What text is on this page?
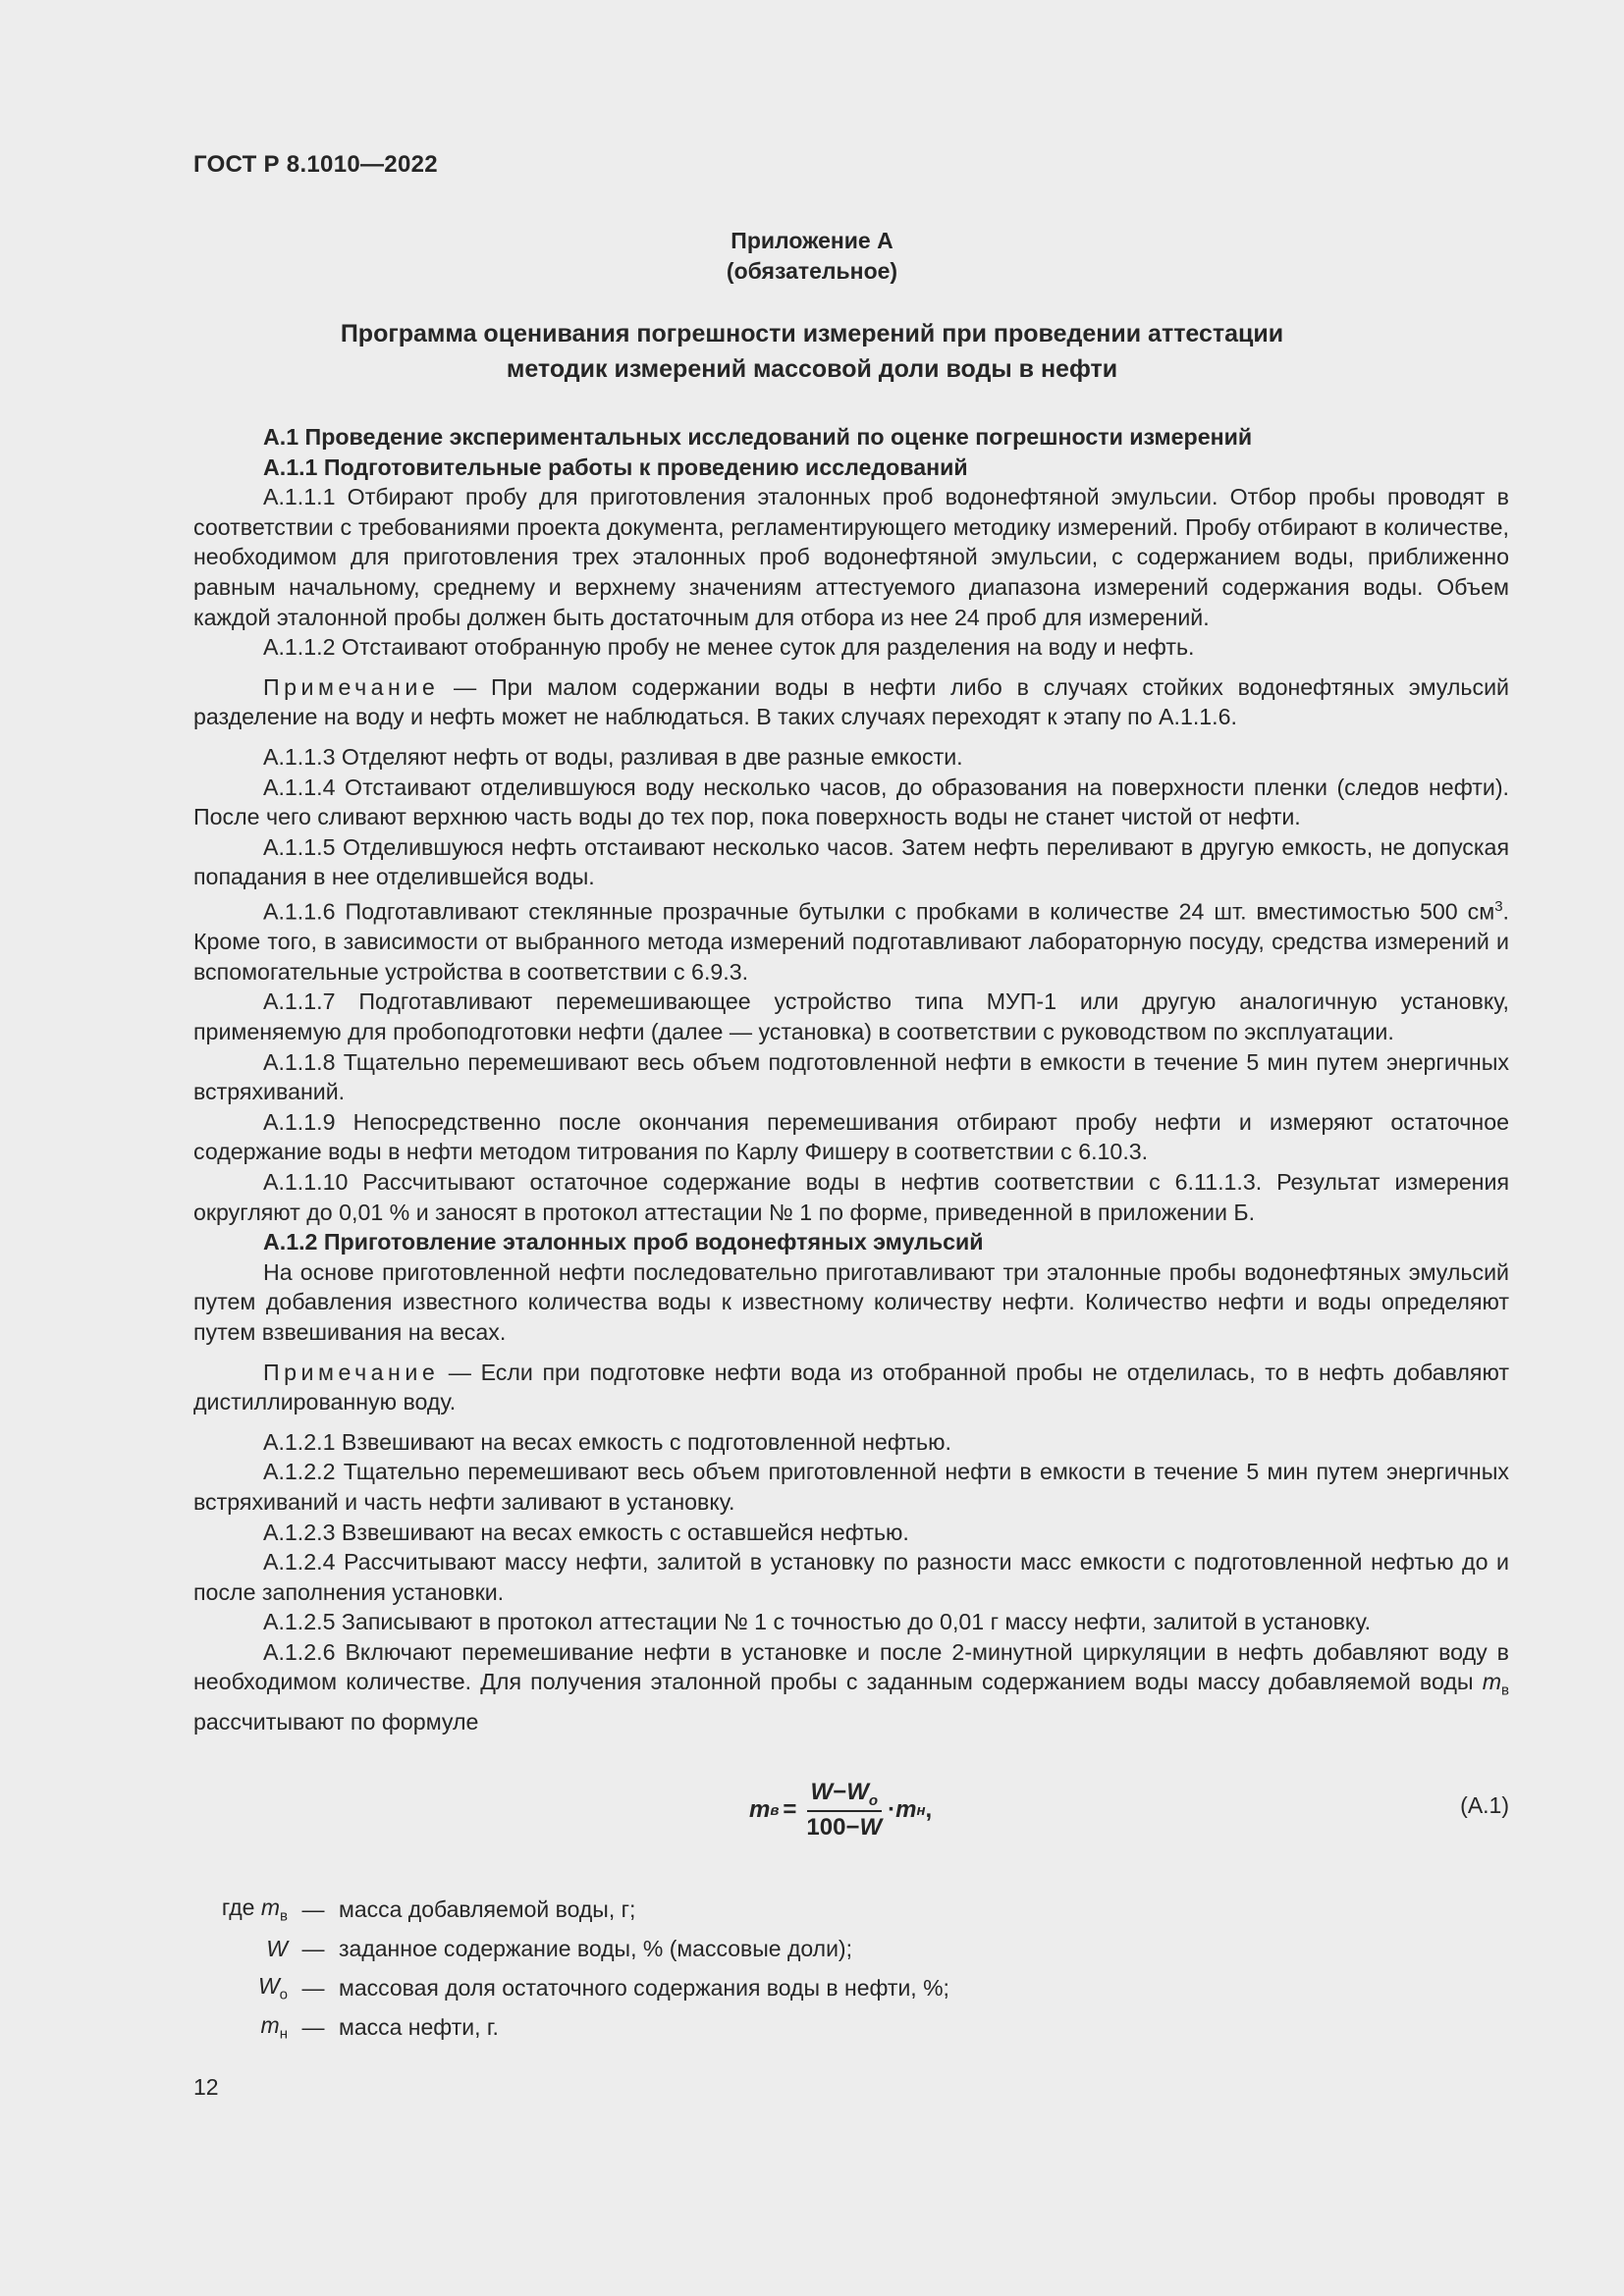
ГОСТ Р 8.1010—2022
Приложение А
(обязательное)
Программа оценивания погрешности измерений при проведении аттестации
методик измерений массовой доли воды в нефти

А.1 Проведение экспериментальных исследований по оценке погрешности измерений

А.1.1 Подготовительные работы к проведению исследований

А.1.1.1 Отбирают пробу для приготовления эталонных проб водонефтяной эмульсии. Отбор пробы проводят в соответствии с требованиями проекта документа, регламентирующего методику измерений. Пробу отбирают в количестве, необходимом для приготовления трех эталонных проб водонефтяной эмульсии, с содержанием воды, приближенно равным начальному, среднему и верхнему значениям аттестуемого диапазона измерений содержания воды. Объем каждой эталонной пробы должен быть достаточным для отбора из нее 24 проб для измерений.

А.1.1.2 Отстаивают отобранную пробу не менее суток для разделения на воду и нефть.

Примечание — При малом содержании воды в нефти либо в случаях стойких водонефтяных эмульсий разделение на воду и нефть может не наблюдаться. В таких случаях переходят к этапу по А.1.1.6.

А.1.1.3 Отделяют нефть от воды, разливая в две разные емкости.

А.1.1.4 Отстаивают отделившуюся воду несколько часов, до образования на поверхности пленки (следов нефти). После чего сливают верхнюю часть воды до тех пор, пока поверхность воды не станет чистой от нефти.

А.1.1.5 Отделившуюся нефть отстаивают несколько часов. Затем нефть переливают в другую емкость, не допуская попадания в нее отделившейся воды.

А.1.1.6 Подготавливают стеклянные прозрачные бутылки с пробками в количестве 24 шт. вместимостью 500 $см^3$. Кроме того, в зависимости от выбранного метода измерений подготавливают лабораторную посуду, средства измерений и вспомогательные устройства в соответствии с 6.9.3.

А.1.1.7 Подготавливают перемешивающее устройство типа МУП-1 или другую аналогичную установку, применяемую для пробоподготовки нефти (далее — установка) в соответствии с руководством по эксплуатации.

А.1.1.8 Тщательно перемешивают весь объем подготовленной нефти в емкости в течение 5 мин путем энергичных встряхиваний.

А.1.1.9 Непосредственно после окончания перемешивания отбирают пробу нефти и измеряют остаточное содержание воды в нефти методом титрования по Карлу Фишеру в соответствии с 6.10.3.

А.1.1.10 Рассчитывают остаточное содержание воды в нефтив соответствии с 6.11.1.3. Результат измерения округляют до 0,01 % и заносят в протокол аттестации № 1 по форме, приведенной в приложении Б.

А.1.2 Приготовление эталонных проб водонефтяных эмульсий

На основе приготовленной нефти последовательно приготавливают три эталонные пробы водонефтяных эмульсий путем добавления известного количества воды к известному количеству нефти. Количество нефти и воды определяют путем взвешивания на весах.

Примечание — Если при подготовке нефти вода из отобранной пробы не отделилась, то в нефть добавляют дистиллированную воду.

А.1.2.1 Взвешивают на весах емкость с подготовленной нефтью.

А.1.2.2 Тщательно перемешивают весь объем приготовленной нефти в емкости в течение 5 мин путем энергичных встряхиваний и часть нефти заливают в установку.

А.1.2.3 Взвешивают на весах емкость с оставшейся нефтью.

А.1.2.4 Рассчитывают массу нефти, залитой в установку по разности масс емкости с подготовленной нефтью до и после заполнения установки.

А.1.2.5 Записывают в протокол аттестации № 1 с точностью до 0,01 г массу нефти, залитой в установку.

А.1.2.6 Включают перемешивание нефти в установке и после 2-минутной циркуляции в нефть добавляют воду в необходимом количестве. Для получения эталонной пробы с заданным содержанием воды массу добавляемой воды $m_в$ рассчитывают по формуле

m $в = \frac{W-W_о}{100-W} \cdot m$ н ,	(А.1)
где $m_в$ — масса добавляемой воды, г;
W — заданное содержание воды, % (массовые доли);
$W_о$ — массовая доля остаточного содержания воды в нефти, %;
$m_н$ — масса нефти, г.
12
